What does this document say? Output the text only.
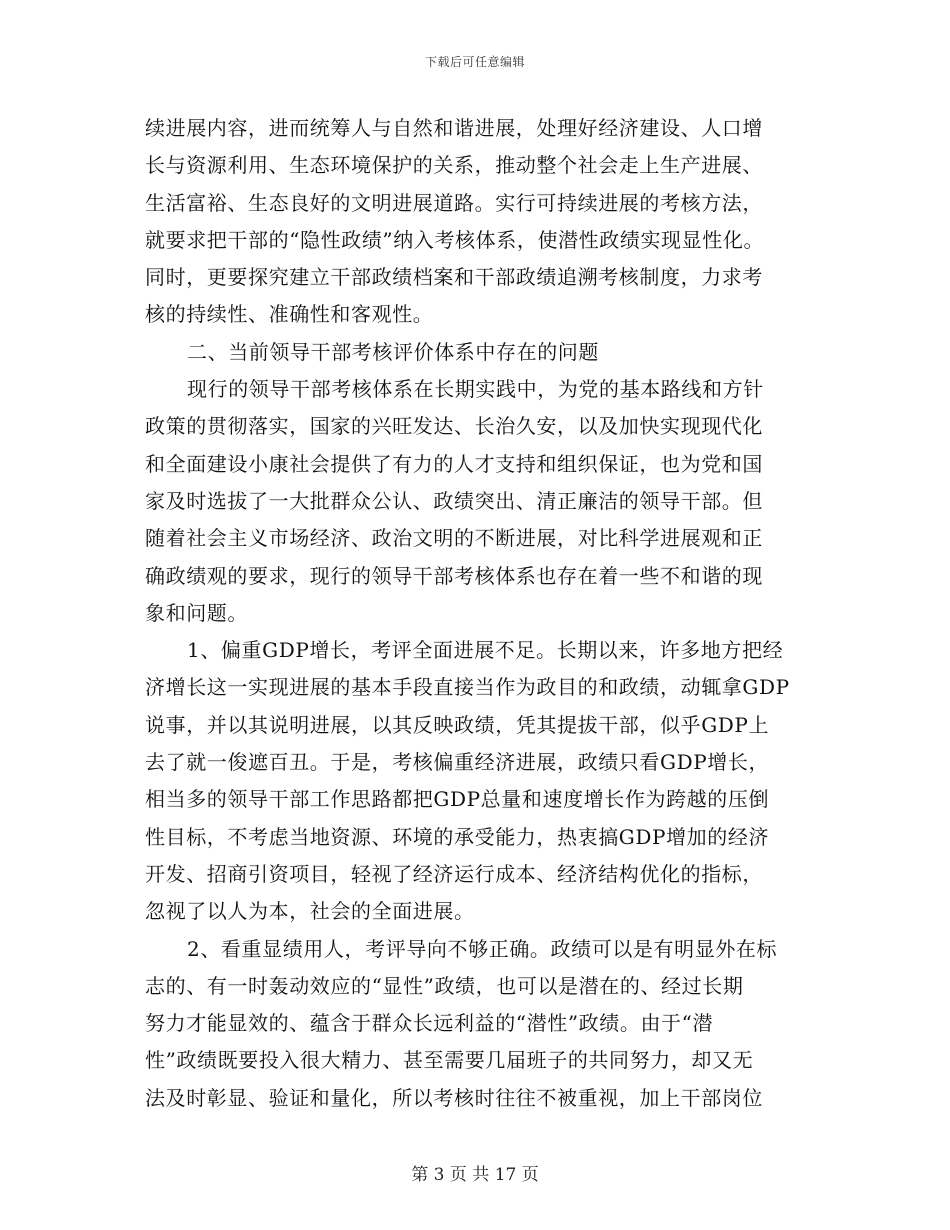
下载后可任意编辑
续进展内容，进而统筹人与自然和谐进展，处理好经济建设、人口增
长与资源利用、生态环境保护的关系，推动整个社会走上生产进展、
生活富裕、生态良好的文明进展道路。实行可持续进展的考核方法，
就要求把干部的“隐性政绩”纳入考核体系，使潜性政绩实现显性化。
同时，更要探究建立干部政绩档案和干部政绩追溯考核制度，力求考
核的持续性、准确性和客观性。
二、当前领导干部考核评价体系中存在的问题
现行的领导干部考核体系在长期实践中，为党的基本路线和方针
政策的贯彻落实，国家的兴旺发达、长治久安，以及加快实现现代化
和全面建设小康社会提供了有力的人才支持和组织保证，也为党和国
家及时选拔了一大批群众公认、政绩突出、清正廉洁的领导干部。但
随着社会主义市场经济、政治文明的不断进展，对比科学进展观和正
确政绩观的要求，现行的领导干部考核体系也存在着一些不和谐的现
象和问题。
1、偏重GDP增长，考评全面进展不足。长期以来，许多地方把经
济增长这一实现进展的基本手段直接当作为政目的和政绩，动辄拿GDP
说事，并以其说明进展，以其反映政绩，凭其提拔干部，似乎GDP上
去了就一俊遮百丑。于是，考核偏重经济进展，政绩只看GDP增长，
相当多的领导干部工作思路都把GDP总量和速度增长作为跨越的压倒
性目标，不考虑当地资源、环境的承受能力，热衷搞GDP增加的经济
开发、招商引资项目，轻视了经济运行成本、经济结构优化的指标，
忽视了以人为本，社会的全面进展。
2、看重显绩用人，考评导向不够正确。政绩可以是有明显外在标
志的、有一时轰动效应的“显性”政绩，也可以是潜在的、经过长期
努力才能显效的、蕴含于群众长远利益的“潜性”政绩。由于“潜
性”政绩既要投入很大精力、甚至需要几届班子的共同努力，却又无
法及时彰显、验证和量化，所以考核时往往不被重视，加上干部岗位
第 3 页 共 17 页
